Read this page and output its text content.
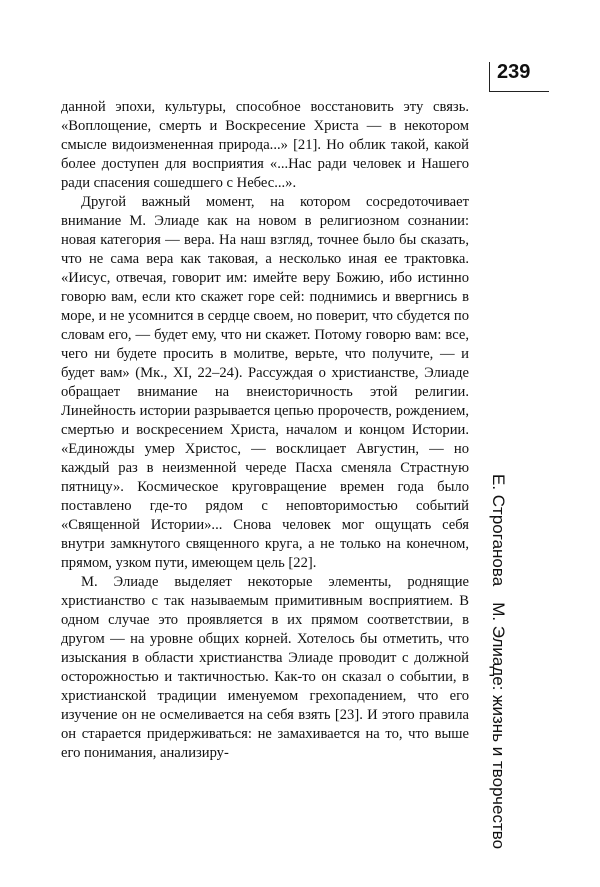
239

данной эпохи, культуры, способное восстановить эту связь. «Воплощение, смерть и Воскресение Христа — в некотором смысле видоизмененная природа...» [21]. Но облик такой, какой более доступен для восприятия «...Нас ради человек и Нашего ради спасения сошедшего с Небес...».

Другой важный момент, на котором сосредоточивает внимание М. Элиаде как на новом в религиозном сознании: новая категория — вера. На наш взгляд, точнее было бы сказать, что не сама вера как таковая, а несколько иная ее трактовка. «Иисус, отвечая, говорит им: имейте веру Божию, ибо истинно говорю вам, если кто скажет горе сей: поднимись и ввергнись в море, и не усомнится в сердце своем, но поверит, что сбудется по словам его, — будет ему, что ни скажет. Потому говорю вам: все, чего ни будете просить в молитве, верьте, что получите, — и будет вам» (Мк., XI, 22–24). Рассуждая о христианстве, Элиаде обращает внимание на внеисторичность этой религии. Линейность истории разрывается цепью пророчеств, рождением, смертью и воскресением Христа, началом и концом Истории. «Единожды умер Христос, — восклицает Августин, — но каждый раз в неизменной череде Пасха сменяла Страстную пятницу». Космическое круговращение времен года было поставлено где-то рядом с неповторимостью событий «Священной Истории»... Снова человек мог ощущать себя внутри замкнутого священного круга, а не только на конечном, прямом, узком пути, имеющем цель [22].

М. Элиаде выделяет некоторые элементы, роднящие христианство с так называемым примитивным восприятием. В одном случае это проявляется в их прямом соответствии, в другом — на уровне общих корней. Хотелось бы отметить, что изыскания в области христианства Элиаде проводит с должной осторожностью и тактичностью. Как-то он сказал о событии, в христианской традиции именуемом грехопадением, что его изучение он не осмеливается на себя взять [23]. И этого правила он старается придерживаться: не замахивается на то, что выше его понимания, анализиру-

Е. Строганова
М. Элиаде: жизнь и творчество
